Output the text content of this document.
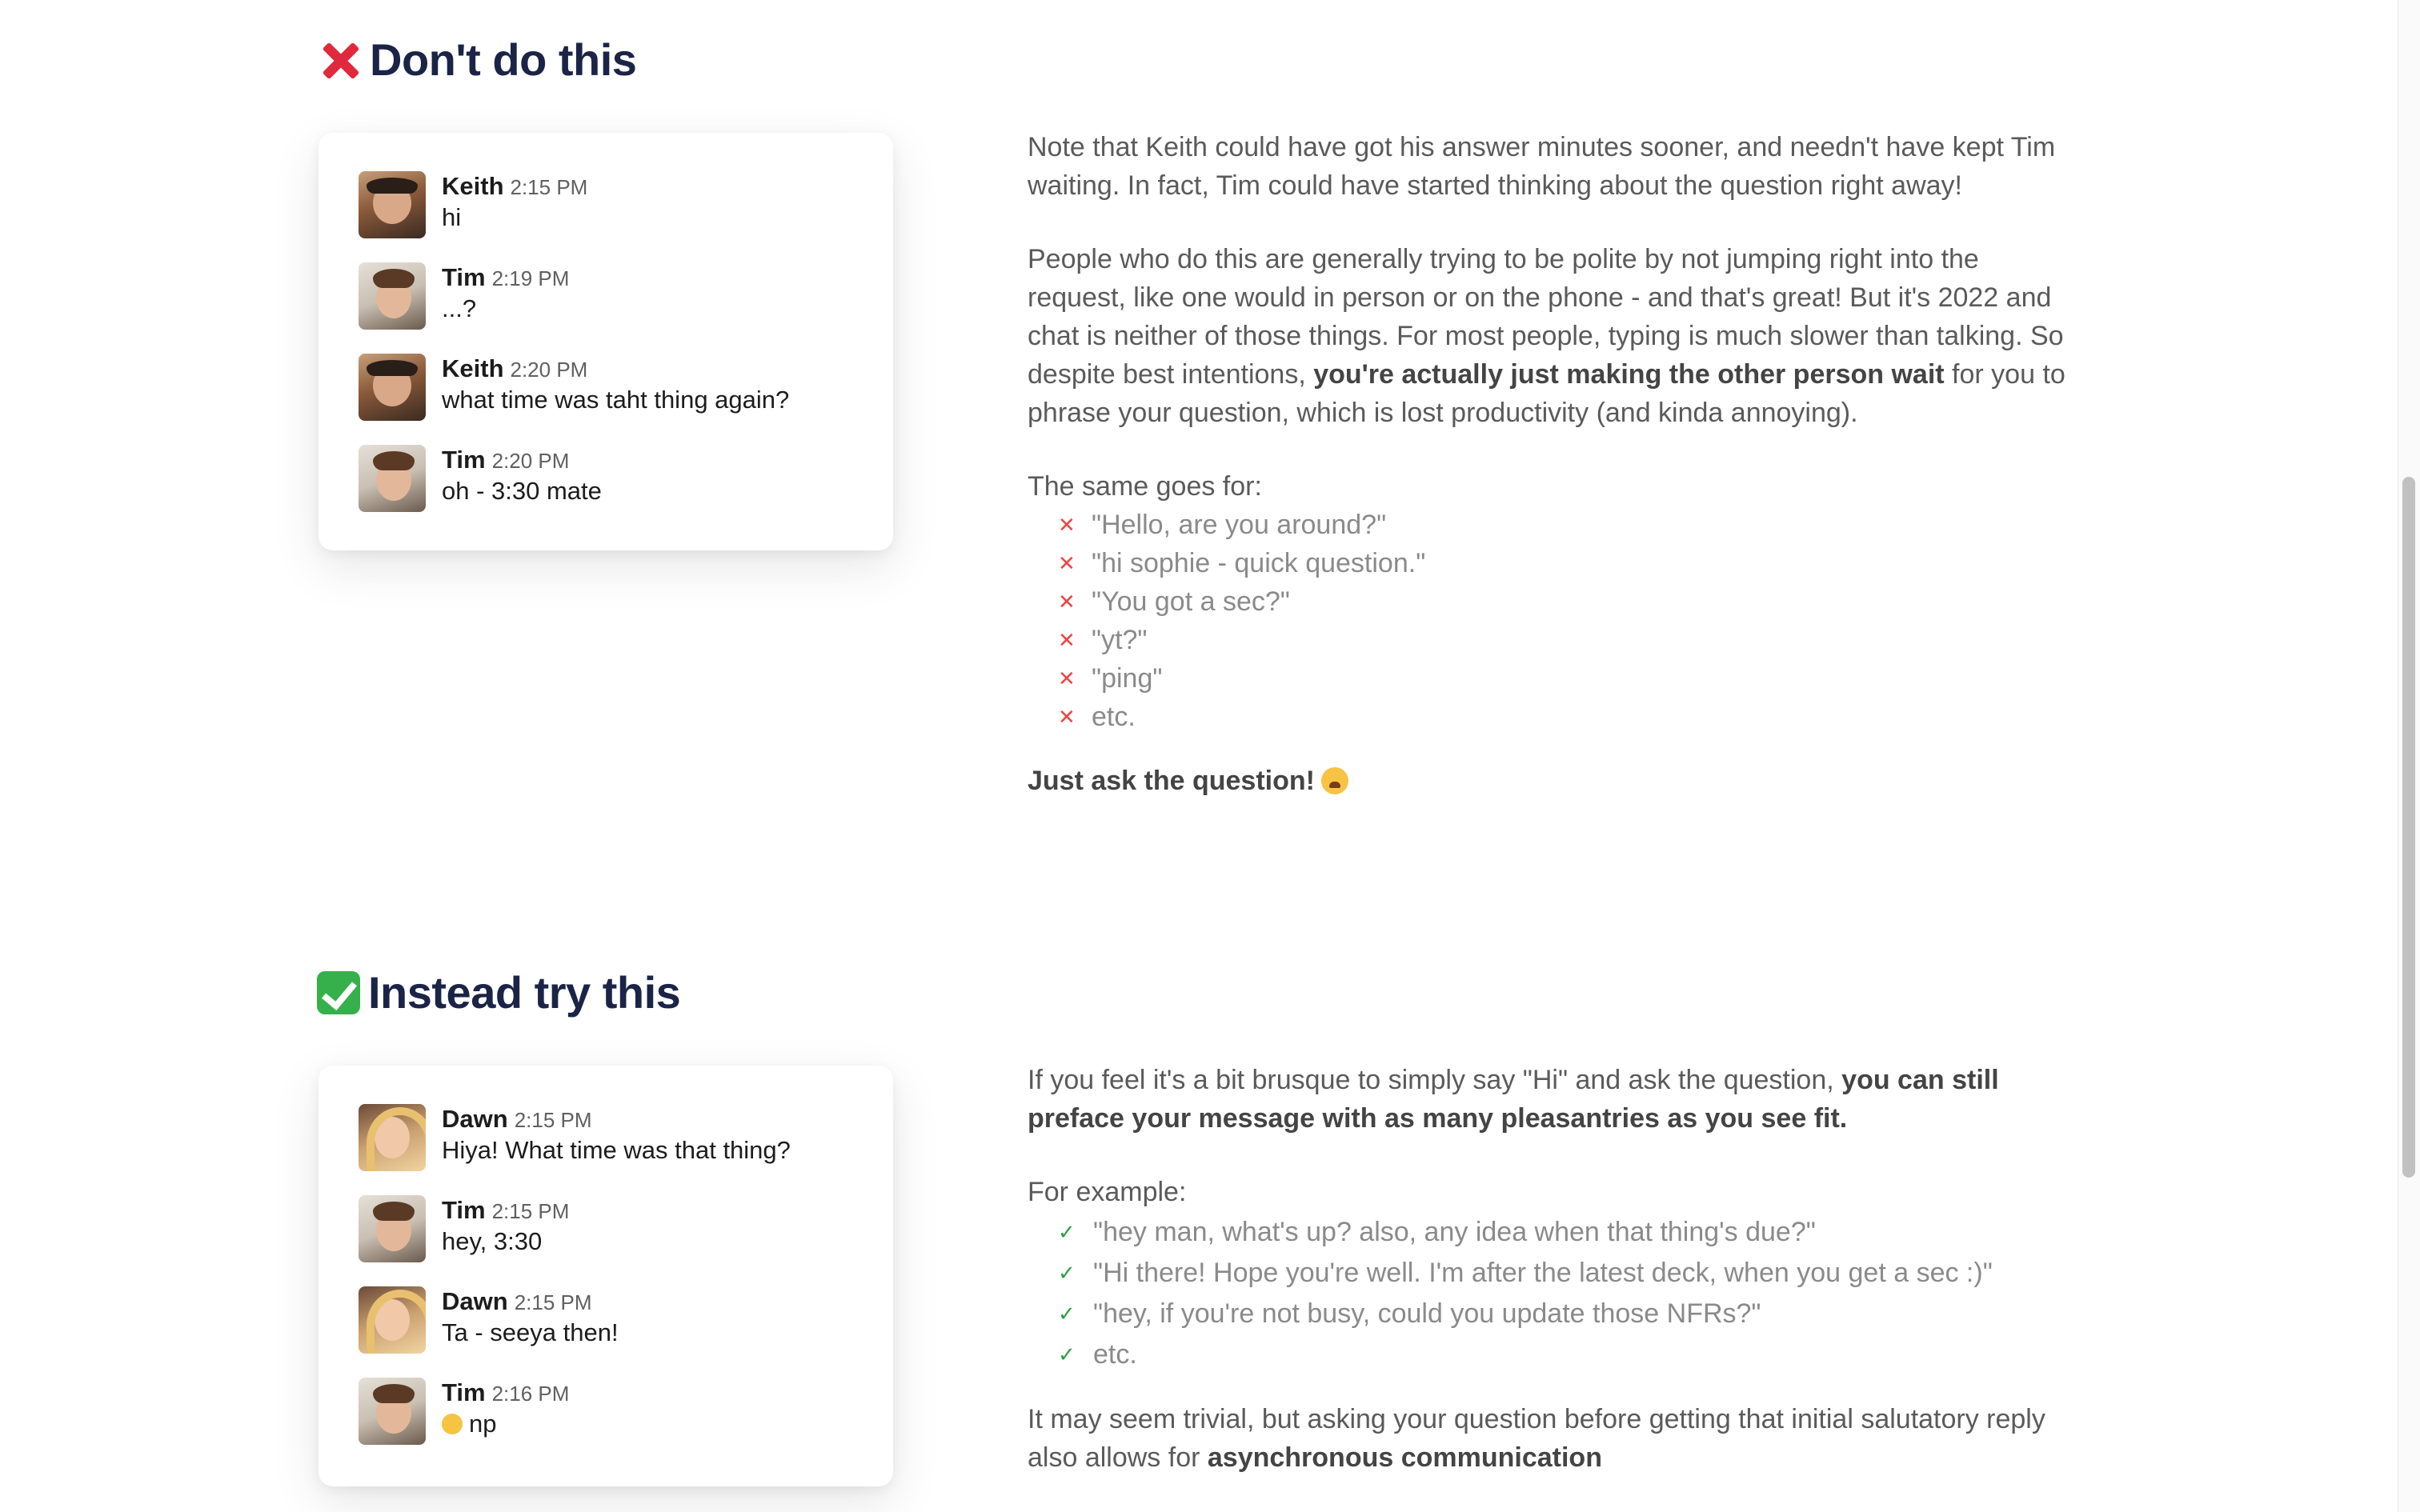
Don't do this
Keith 2:15 PM
hi
Tim 2:19 PM
...?
Keith 2:20 PM
what time was taht thing again?
Tim 2:20 PM
oh - 3:30 mate

Note that Keith could have got his answer minutes sooner, and needn't have kept Tim waiting. In fact, Tim could have started thinking about the question right away!

People who do this are generally trying to be polite by not jumping right into the request, like one would in person or on the phone - and that's great! But it's 2022 and chat is neither of those things. For most people, typing is much slower than talking. So despite best intentions, you're actually just making the other person wait for you to phrase your question, which is lost productivity (and kinda annoying).

The same goes for:

✕ "Hello, are you around?"
✕ "hi sophie - quick question."
✕ "You got a sec?"
✕ "yt?"
✕ "ping"
✕ etc.
Just ask the question!
Instead try this
Dawn 2:15 PM
Hiya! What time was that thing?
Tim 2:15 PM
hey, 3:30
Dawn 2:15 PM
Ta - seeya then!
Tim 2:16 PM
np

If you feel it's a bit brusque to simply say "Hi" and ask the question, you can still preface your message with as many pleasantries as you see fit.

For example:

✓ "hey man, what's up? also, any idea when that thing's due?"
✓ "Hi there! Hope you're well. I'm after the latest deck, when you get a sec :)"
✓ "hey, if you're not busy, could you update those NFRs?"
✓ etc.

It may seem trivial, but asking your question before getting that initial salutatory reply also allows for asynchronous communication
